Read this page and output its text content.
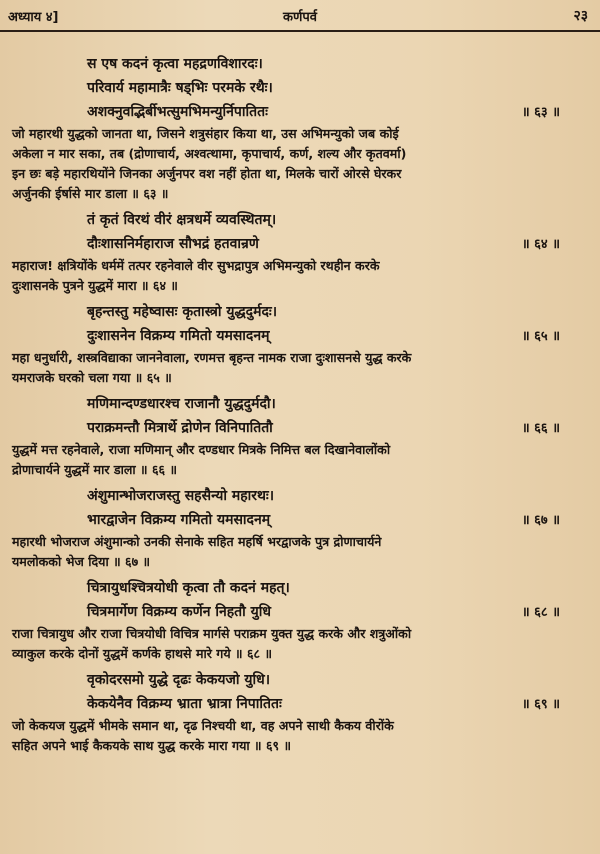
अध्याय ४]	कर्णपर्व	२३
स एष कदनं कृत्वा महद्रणविशारदः।
परिवार्य महामात्रैः षड्भिः परमके रथैः।
अशक्नुवद्भिर्बीभत्सुमभिमन्युर्निपातितः	॥ ६३ ॥

जो महारथी युद्धको जानता था, जिसने शत्रुसंहार किया था, उस अभिमन्युको जब कोई
अकेला न मार सका, तब (द्रोणाचार्य, अश्वत्थामा, कृपाचार्य, कर्ण, शल्य और कृतवर्मा)
इन छः बड़े महारथियोंने जिनका अर्जुनपर वश नहीं होता था, मिलके चारों ओरसे घेरकर
अर्जुनकी ईर्षासे मार डाला ॥ ६३ ॥

तं कृतं विरथं वीरं क्षत्रधर्मे व्यवस्थितम्।
दौःशासनिर्महाराज सौभद्रं हतवान्रणे	॥ ६४ ॥

महाराज! क्षत्रियोंके धर्ममें तत्पर रहनेवाले वीर सुभद्रापुत्र अभिमन्युको रथहीन करके
दुःशासनके पुत्रने युद्धमें मारा ॥ ६४ ॥

बृहन्तस्तु महेष्वासः कृतास्त्रो युद्धदुर्मदः।
दुःशासनेन विक्रम्य गमितो यमसादनम्	॥ ६५ ॥

महा धनुर्धारी, शस्त्रविद्याका जाननेवाला, रणमत्त बृहन्त नामक राजा दुःशासनसे युद्ध करके
यमराजके घरको चला गया ॥ ६५ ॥

मणिमान्दण्डधारश्च राजानौ युद्धदुर्मदौ।
पराक्रमन्तौ मित्रार्थे द्रोणेन विनिपातितौ	॥ ६६ ॥

युद्धमें मत्त रहनेवाले, राजा मणिमान् और दण्डधार मित्रके निमित्त बल दिखानेवालोंको
द्रोणाचार्यने युद्धमें मार डाला ॥ ६६ ॥

अंशुमान्भोजराजस्तु सहसैन्यो महारथः।
भारद्वाजेन विक्रम्य गमितो यमसादनम्	॥ ६७ ॥

महारथी भोजराज अंशुमान्को उनकी सेनाके सहित महर्षि भरद्वाजके पुत्र द्रोणाचार्यने
यमलोकको भेज दिया ॥ ६७ ॥

चित्रायुधश्चित्रयोधी कृत्वा तौ कदनं महत्।
चित्रमार्गेण विक्रम्य कर्णेन निहतौ युधि	॥ ६८ ॥

राजा चित्रायुध और राजा चित्रयोधी विचित्र मार्गसे पराक्रम युक्त युद्ध करके और शत्रुओंको
व्याकुल करके दोनों युद्धमें कर्णके हाथसे मारे गये ॥ ६८ ॥

वृकोदरसमो युद्धे दृढः केकयजो युधि।
केकयेनैव विक्रम्य भ्राता भ्रात्रा निपातितः	॥ ६९ ॥

जो केकयज युद्धमें भीमके समान था, दृढ निश्चयी था, वह अपने साथी कैकय वीरोंके
सहित अपने भाई कैकयके साथ युद्ध करके मारा गया ॥ ६९ ॥
